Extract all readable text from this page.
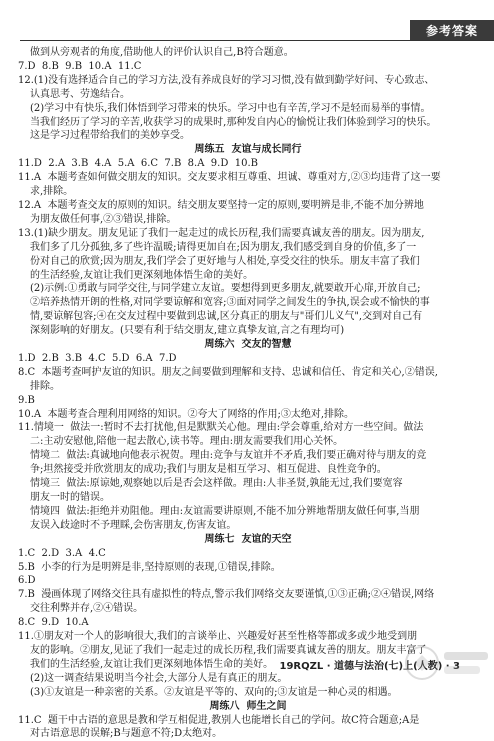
参考答案
做到从旁观者的角度,借助他人的评价认识自己,B符合题意。
7.D  8.B  9.B  10.A  11.C
12.(1)没有选择适合自己的学习方法,没有养成良好的学习习惯,没有做到勤学好问、专心致志、
认真思考、劳逸结合。
(2)学习中有快乐,我们体悟到学习带来的快乐。学习中也有辛苦,学习不是轻而易举的事情。
当我们经历了学习的辛苦,收获学习的成果时,那种发自内心的愉悦让我们体验到学习的快乐。
这是学习过程带给我们的美妙享受。
周练五  友谊与成长同行
11.D  2.A  3.B  4.A  5.A  6.C  7.B  8.A  9.D  10.B
11.A  本题考查如何做交朋友的知识。交友要求相互尊重、坦诚、尊重对方,②③均违背了这一要
求,排除。
12.A  本题考查交友的原则的知识。结交朋友要坚持一定的原则,要明辨是非,不能不加分辨地
为朋友做任何事,②③错误,排除。
13.(1)缺少朋友。朋友见证了我们一起走过的成长历程,我们需要真诚友善的朋友。因为朋友,
我们多了几分孤独,多了些许温暖;请得更加自在;因为朋友,我们感受到自身的价值,多了一
份对自己的欣赏;因为朋友,我们学会了更好地与人相处,享受交往的快乐。朋友丰富了我们
的生活经验,友谊让我们更深刻地体悟生命的美好。
(2)示例:①勇敢与同学交往,与同学建立友谊。要想得到更多朋友,就要敢开心扉,开放自己;
②培养热情开朗的性格,对同学要谅解和宽容;③面对同学之间发生的争执,误会或不愉快的事
情,要谅解包容;④在交友过程中要做到忠诚,区分真正的朋友与"哥们儿义气",交到对自己有
深刻影响的好朋友。(只要有利于结交朋友,建立真挚友谊,言之有理均可)
周练六  交友的智慧
1.D  2.B  3.B  4.C  5.D  6.A  7.D
8.C  本题考查呵护友谊的知识。朋友之间要做到理解和支持、忠诚和信任、肯定和关心,②错误,
排除。
9.B
10.A  本题考查合理利用网络的知识。②夸大了网络的作用;③太绝对,排除。
11.情境一  做法一:暂时不去打扰他,但是默默关心他。理由:学会尊重,给对方一些空间。做法
二:主动安慰他,陪他一起去散心,读书等。理由:朋友需要我们用心关怀。
情境二  做法:真诚地向他表示祝贺。理由:竞争与友谊并不矛盾,我们要正确对待与朋友的竞
争;坦然接受并欣赏朋友的成功;我们与朋友是相互学习、相互促进、良性竞争的。
情境三  做法:原谅她,观察她以后是否会这样做。理由:人非圣贤,孰能无过,我们要宽容
朋友一时的错误。
情境四  做法:拒绝并劝阻他。理由:友谊需要讲原则,不能不加分辨地帮朋友做任何事,当朋
友误入歧途时不予理睬,会伤害朋友,伤害友谊。
周练七  友谊的天空
1.C  2.D  3.A  4.C
5.B  小李的行为是明辨是非,坚持原则的表现,①错误,排除。
6.D
7.B  漫画体现了网络交往具有虚拟性的特点,警示我们网络交友要谨慎,①③正确;②④错误,网络
交往利弊并存,②④错误。
8.C  9.D  10.A
11.①朋友对一个人的影响很大,我们的言谈举止、兴趣爱好甚至性格等都或多或少地受到朋
友的影响。②朋友,见证了我们一起走过的成长历程,我们需要真诚友善的朋友。朋友丰富了
我们的生活经验,友谊让我们更深刻地体悟生命的美好。
(2)这一调查结果说明当今社会,大部分人是有真正的朋友。
(3)①友谊是一种亲密的关系。②友谊是平等的、双向的;③友谊是一种心灵的相遇。
周练八  师生之间
11.C  题干中古语的意思是教和学互相促进,教别人也能增长自己的学问。故C符合题意;A是
对古语意思的误解;B与题意不符;D太绝对。
19RQZL · 道德与法治(七)上(人教) · 3
